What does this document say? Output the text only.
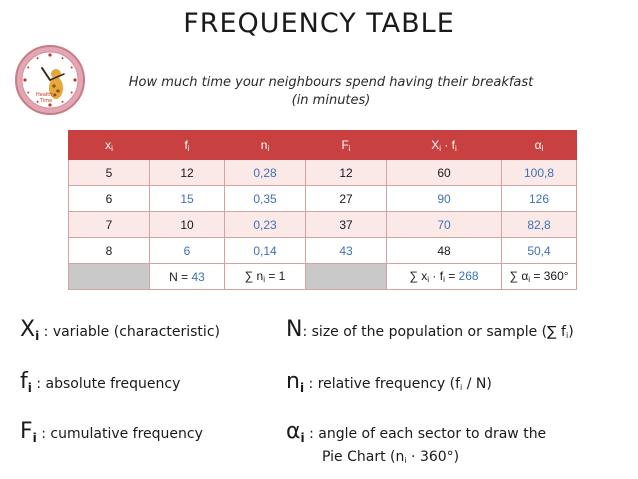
FREQUENCY TABLE
Healthy
Time
How much time your neighbours spend having their breakfast
(in minutes)
$x_i$	$f_i$	$n_i$	$F_i$	$X_i \cdot f_i$	$\alpha_i$
5	12	0,28	12	60	100,8
6	15	0,35	27	90	126
7	10	0,23	37	70	82,8
8	6	0,14	43	48	50,4
	N = 43	∑ $n_i = 1$		∑ $x_i \cdot f_i = 268$	∑ $\alpha_i = 360^\circ$
Xi : variable (characteristic)
fi : absolute frequency
Fi : cumulative frequency
N: size of the population or sample (∑ fi)
ni : relative frequency (fi / N)
αi : angle of each sector to draw the
Pie Chart (ni · 360°)
